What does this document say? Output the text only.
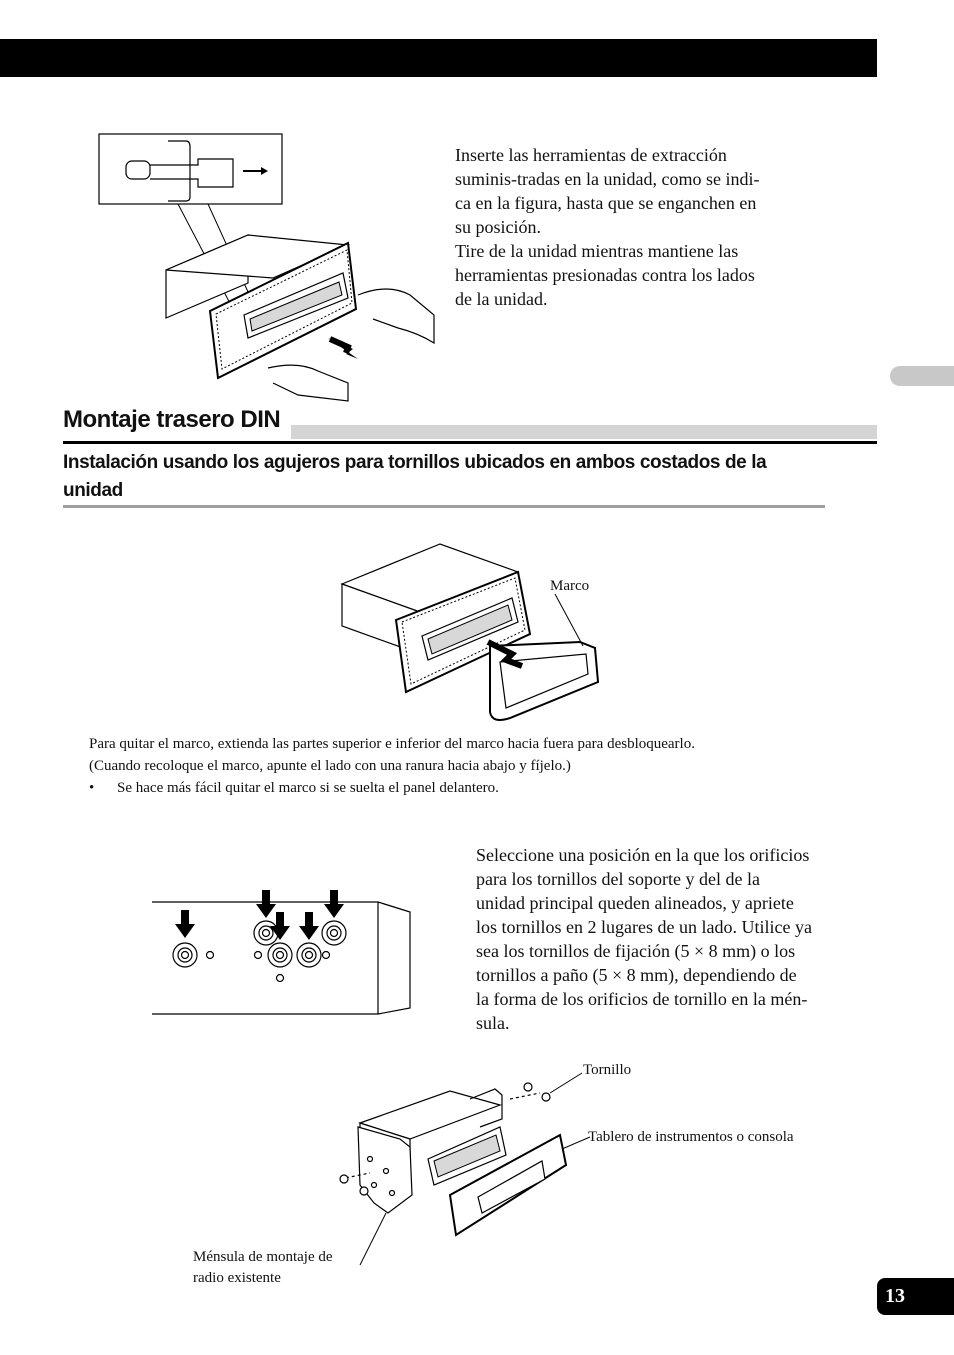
Inserte las herramientas de extracción

suminis-tradas en la unidad, como se indi-

ca en la figura, hasta que se enganchen en

su posición.

Tire de la unidad mientras mantiene las

herramientas presionadas contra los lados

de la unidad.

Montaje trasero DIN
Instalación usando los agujeros para tornillos ubicados en ambos costados de la unidad
Marco

Para quitar el marco, extienda las partes superior e inferior del marco hacia fuera para desbloquearlo.

(Cuando recoloque el marco, apunte el lado con una ranura hacia abajo y fíjelo.)

• Se hace más fácil quitar el marco si se suelta el panel delantero.

Seleccione una posición en la que los orificios

para los tornillos del soporte y del de la

unidad principal queden alineados, y apriete

los tornillos en 2 lugares de un lado. Utilice ya

sea los tornillos de fijación (5 × 8 mm) o los

tornillos a paño (5 × 8 mm), dependiendo de

la forma de los orificios de tornillo en la mén-

sula.

Tornillo
Tablero de instrumentos o consola
Ménsula de montaje de
radio existente
13
